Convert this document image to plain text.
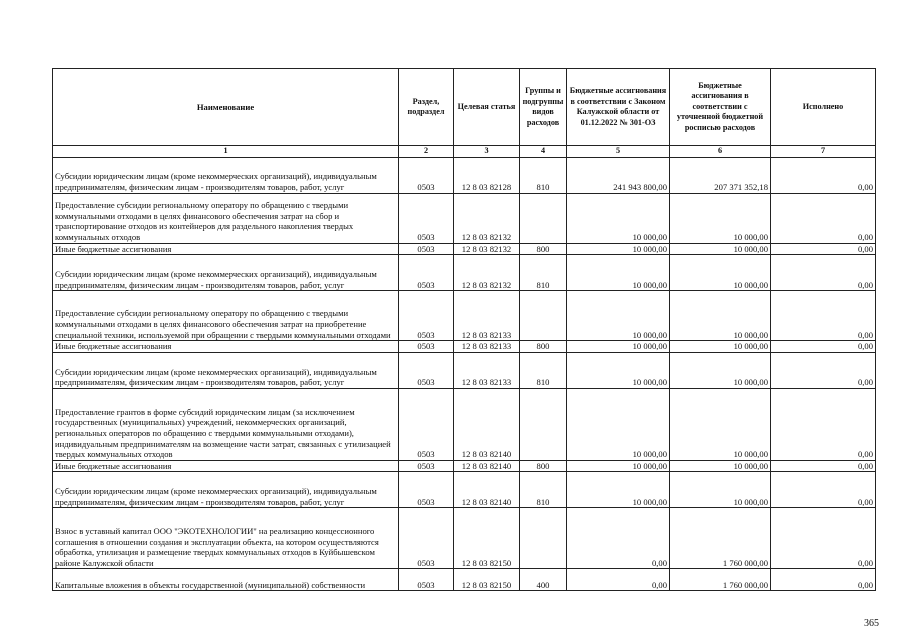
Наименование	Раздел, подраздел	Целевая статья	Группы и подгруппы видов расходов	Бюджетные ассигнования в соответствии с Законом Калужской области от 01.12.2022 № 301-ОЗ	Бюджетные ассигнования в соответствии с уточненной бюджетной росписью расходов	Исполнено
1	2	3	4	5	6	7
Субсидии юридическим лицам (кроме некоммерческих организаций), индивидуальным предпринимателям, физическим лицам - производителям товаров, работ, услуг	0503	12 8 03 82128	810	241 943 800,00	207 371 352,18	0,00
Предоставление субсидии региональному оператору по обращению с твердыми коммунальными отходами в целях финансового обеспечения затрат на сбор и транспортирование отходов из контейнеров для раздельного накопления твердых коммунальных отходов	0503	12 8 03 82132		10 000,00	10 000,00	0,00
Иные бюджетные ассигнования	0503	12 8 03 82132	800	10 000,00	10 000,00	0,00
Субсидии юридическим лицам (кроме некоммерческих организаций), индивидуальным предпринимателям, физическим лицам - производителям товаров, работ, услуг	0503	12 8 03 82132	810	10 000,00	10 000,00	0,00
Предоставление субсидии региональному оператору по обращению с твердыми коммунальными отходами в целях финансового обеспечения затрат на приобретение специальной техники, используемой при обращении с твердыми коммунальными отходами	0503	12 8 03 82133		10 000,00	10 000,00	0,00
Иные бюджетные ассигнования	0503	12 8 03 82133	800	10 000,00	10 000,00	0,00
Субсидии юридическим лицам (кроме некоммерческих организаций), индивидуальным предпринимателям, физическим лицам - производителям товаров, работ, услуг	0503	12 8 03 82133	810	10 000,00	10 000,00	0,00
Предоставление грантов в форме субсидий юридическим лицам (за исключением государственных (муниципальных) учреждений, некоммерческих организаций, региональных операторов по обращению с твердыми коммунальными отходами), индивидуальным предпринимателям на возмещение части затрат, связанных с утилизацией твердых коммунальных отходов	0503	12 8 03 82140		10 000,00	10 000,00	0,00
Иные бюджетные ассигнования	0503	12 8 03 82140	800	10 000,00	10 000,00	0,00
Субсидии юридическим лицам (кроме некоммерческих организаций), индивидуальным предпринимателям, физическим лицам - производителям товаров, работ, услуг	0503	12 8 03 82140	810	10 000,00	10 000,00	0,00
Взнос в уставный капитал ООО "ЭКОТЕХНОЛОГИИ" на реализацию концессионного соглашения в отношении создания и эксплуатации объекта, на котором осуществляются обработка, утилизация и размещение твердых коммунальных отходов в Куйбышевском районе Калужской области	0503	12 8 03 82150		0,00	1 760 000,00	0,00
Капитальные вложения в объекты государственной (муниципальной) собственности	0503	12 8 03 82150	400	0,00	1 760 000,00	0,00
365
